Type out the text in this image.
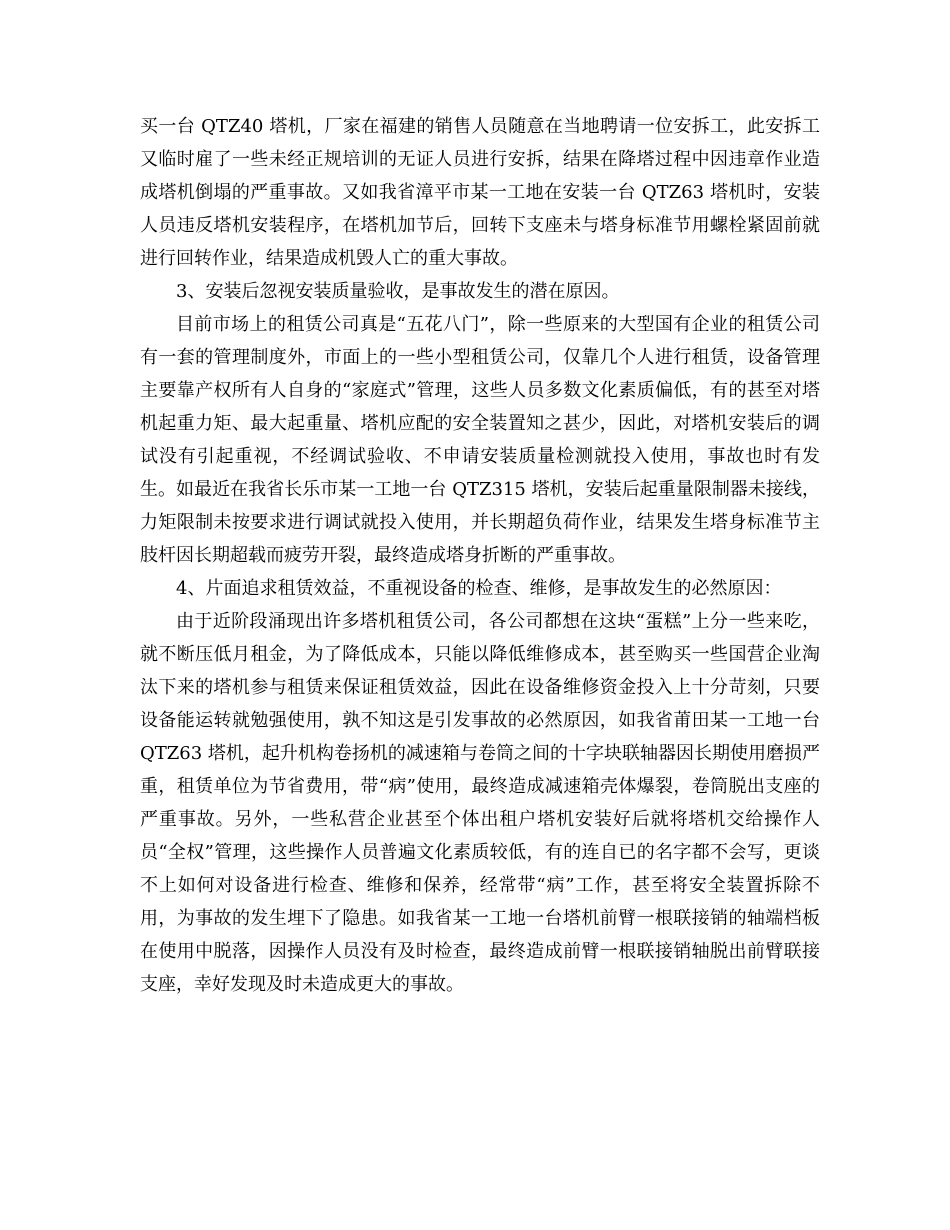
买一台 QTZ40 塔机，厂家在福建的销售人员随意在当地聘请一位安拆工，此安拆工又临时雇了一些未经正规培训的无证人员进行安拆，结果在降塔过程中因违章作业造成塔机倒塌的严重事故。又如我省漳平市某一工地在安装一台 QTZ63 塔机时，安装人员违反塔机安装程序，在塔机加节后，回转下支座未与塔身标准节用螺栓紧固前就进行回转作业，结果造成机毁人亡的重大事故。

3、安装后忽视安装质量验收，是事故发生的潜在原因。

目前市场上的租赁公司真是“五花八门”，除一些原来的大型国有企业的租赁公司有一套的管理制度外，市面上的一些小型租赁公司，仅靠几个人进行租赁，设备管理主要靠产权所有人自身的“家庭式”管理，这些人员多数文化素质偏低，有的甚至对塔机起重力矩、最大起重量、塔机应配的安全装置知之甚少，因此，对塔机安装后的调试没有引起重视，不经调试验收、不申请安装质量检测就投入使用，事故也时有发生。如最近在我省长乐市某一工地一台 QTZ315 塔机，安装后起重量限制器未接线，力矩限制未按要求进行调试就投入使用，并长期超负荷作业，结果发生塔身标准节主肢杆因长期超载而疲劳开裂，最终造成塔身折断的严重事故。

4、片面追求租赁效益，不重视设备的检查、维修，是事故发生的必然原因：

由于近阶段涌现出许多塔机租赁公司，各公司都想在这块“蛋糕”上分一些来吃，就不断压低月租金，为了降低成本，只能以降低维修成本，甚至购买一些国营企业淘汰下来的塔机参与租赁来保证租赁效益，因此在设备维修资金投入上十分苛刻，只要设备能运转就勉强使用，孰不知这是引发事故的必然原因，如我省莆田某一工地一台 QTZ63 塔机，起升机构卷扬机的减速箱与卷筒之间的十字块联轴器因长期使用磨损严重，租赁单位为节省费用，带“病”使用，最终造成减速箱壳体爆裂，卷筒脱出支座的严重事故。另外，一些私营企业甚至个体出租户塔机安装好后就将塔机交给操作人员“全权”管理，这些操作人员普遍文化素质较低，有的连自已的名字都不会写，更谈不上如何对设备进行检查、维修和保养，经常带“病”工作，甚至将安全装置拆除不用，为事故的发生埋下了隐患。如我省某一工地一台塔机前臂一根联接销的轴端档板在使用中脱落，因操作人员没有及时检查，最终造成前臂一根联接销轴脱出前臂联接支座，幸好发现及时未造成更大的事故。
